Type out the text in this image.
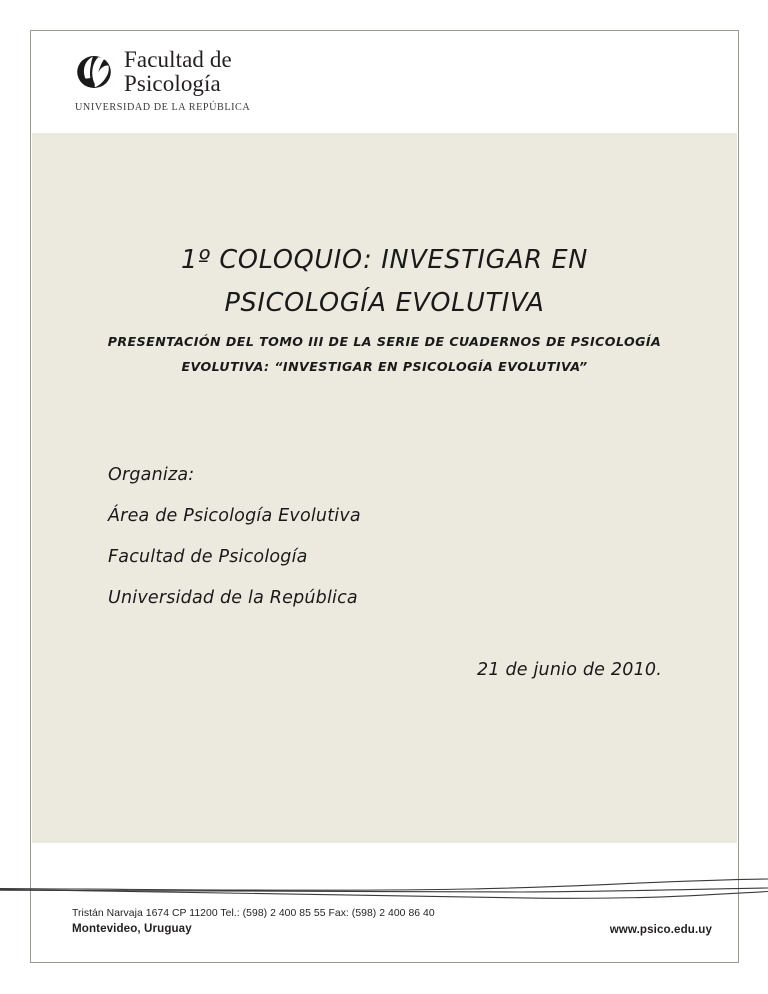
Facultad de
Psicología
UNIVERSIDAD DE LA REPÚBLICA
1º COLOQUIO: INVESTIGAR EN
PSICOLOGÍA EVOLUTIVA
PRESENTACIÓN DEL TOMO III DE LA SERIE DE CUADERNOS DE PSICOLOGÍA
EVOLUTIVA: “INVESTIGAR EN PSICOLOGÍA EVOLUTIVA”
Organiza:
Área de Psicología Evolutiva
Facultad de Psicología
Universidad de la República
21 de junio de 2010.
Tristán Narvaja 1674 CP 11200 Tel.: (598) 2 400 85 55 Fax: (598) 2 400 86 40
Montevideo, Uruguay	www.psico.edu.uy
